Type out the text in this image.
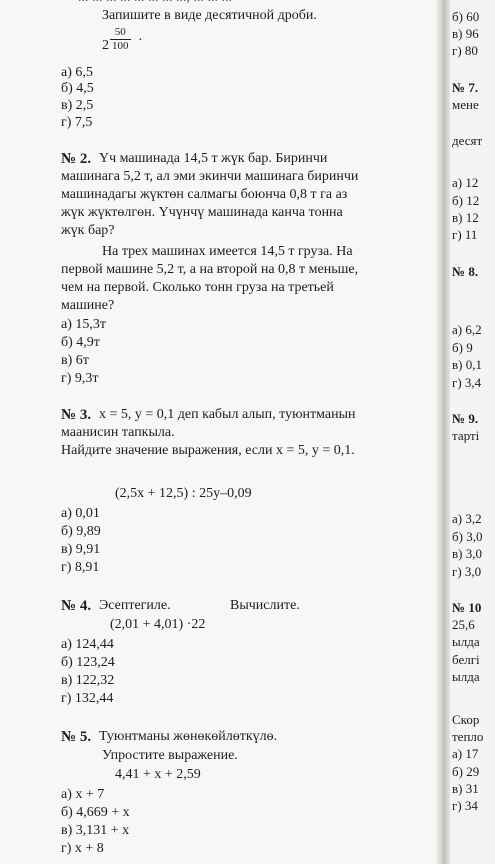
Запишите в виде десятичной дроби.
$2 \frac{50}{100}$ ·
а) 6,5
б) 4,5
в) 2,5
г) 7,5
№ 2. Үч машинада 14,5 т жүк бар. Биринчи
машинага 5,2 т, ал эми экинчи машинага биринчи
машинадагы жүктөн салмагы боюнча 0,8 т га аз
жүк жүктөлгөн. Үчүнчү машинада канча тонна
жүк бар?
На трех машинах имеется 14,5 т груза. На
первой машине 5,2 т, а на второй на 0,8 т меньше,
чем на первой. Сколько тонн груза на третьей
машине?
а) 15,3т
б) 4,9т
в) 6т
г) 9,3т
№ 3. x = 5, y = 0,1 деп кабыл алып, туюнтманын
маанисин тапкыла.
Найдите значение выражения, если x = 5, y = 0,1.
(2,5x + 12,5) : 25y–0,09
а) 0,01
б) 9,89
в) 9,91
г) 8,91
№ 4. Эсептегиле.	Вычислите.
(2,01 + 4,01) ·22
а) 124,44
б) 123,24
в) 122,32
г) 132,44
№ 5. Туюнтманы жөнөкөйлөткүлө.
Упростите выражение.
4,41 + x + 2,59
а) x + 7
б) 4,669 + x
в) 3,131 + x
г) x + 8
б) 60
в) 96
г) 80
№ 7.
мене
десят
а) 12
б) 12
в) 12
г) 11
№ 8.
а) 6,2
б) 9
в) 0,1
г) 3,4
№ 9.
тарті
а) 3,2
б) 3,0
в) 3,0
г) 3,0
№ 10
25,6
ылда
белгі
ылда
Скор
тепло
а) 17
б) 29
в) 31
г) 34
